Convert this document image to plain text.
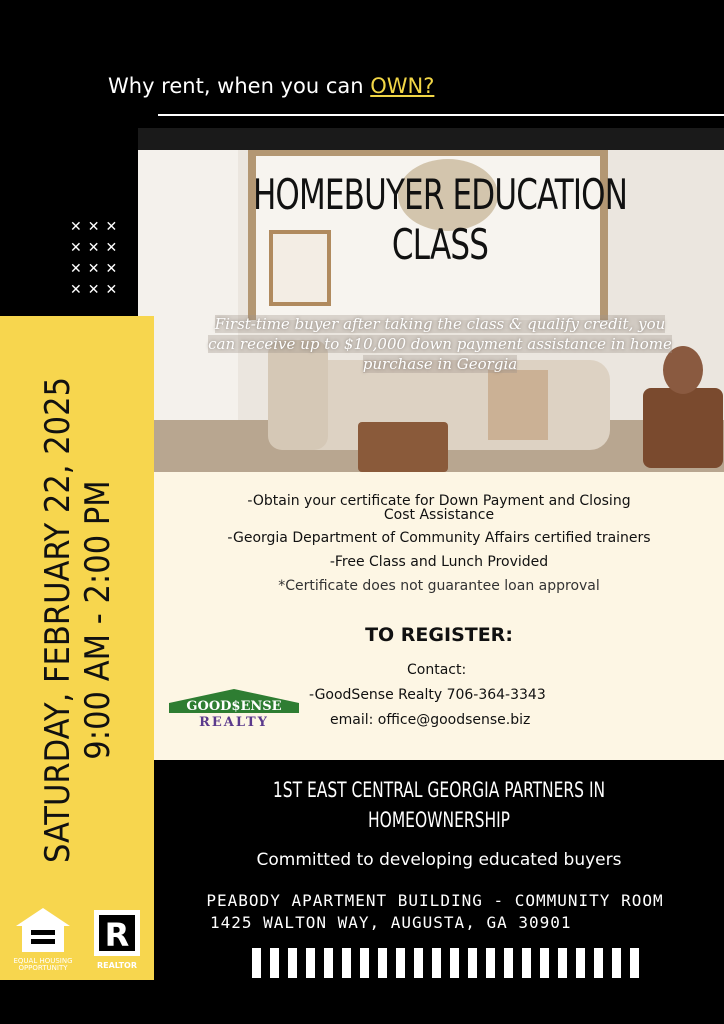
Why rent, when you can OWN?
✕✕✕
✕✕✕
✕✕✕
✕✕✕
HOMEBUYER EDUCATION
CLASS
First-time buyer after taking the class & qualify credit, you
can receive up to $10,000 down payment assistance in home
purchase in Georgia
-Obtain your certificate for Down Payment and Closing
Cost Assistance
-Georgia Department of Community Affairs certified trainers
-Free Class and Lunch Provided
*Certificate does not guarantee loan approval
TO REGISTER:
Contact:
-GoodSense Realty 706-364-3343
email: office@goodsense.biz
GOOD$ENSE
REALTY
SATURDAY, FEBRUARY 22, 2025 9:00 AM - 2:00 PM
1ST EAST CENTRAL GEORGIA PARTNERS IN
HOMEOWNERSHIP
Committed to developing educated buyers
PEABODY APARTMENT BUILDING - COMMUNITY ROOM
1425 WALTON WAY, AUGUSTA, GA 30901
EQUAL HOUSING
OPPORTUNITY
R
REALTOR
